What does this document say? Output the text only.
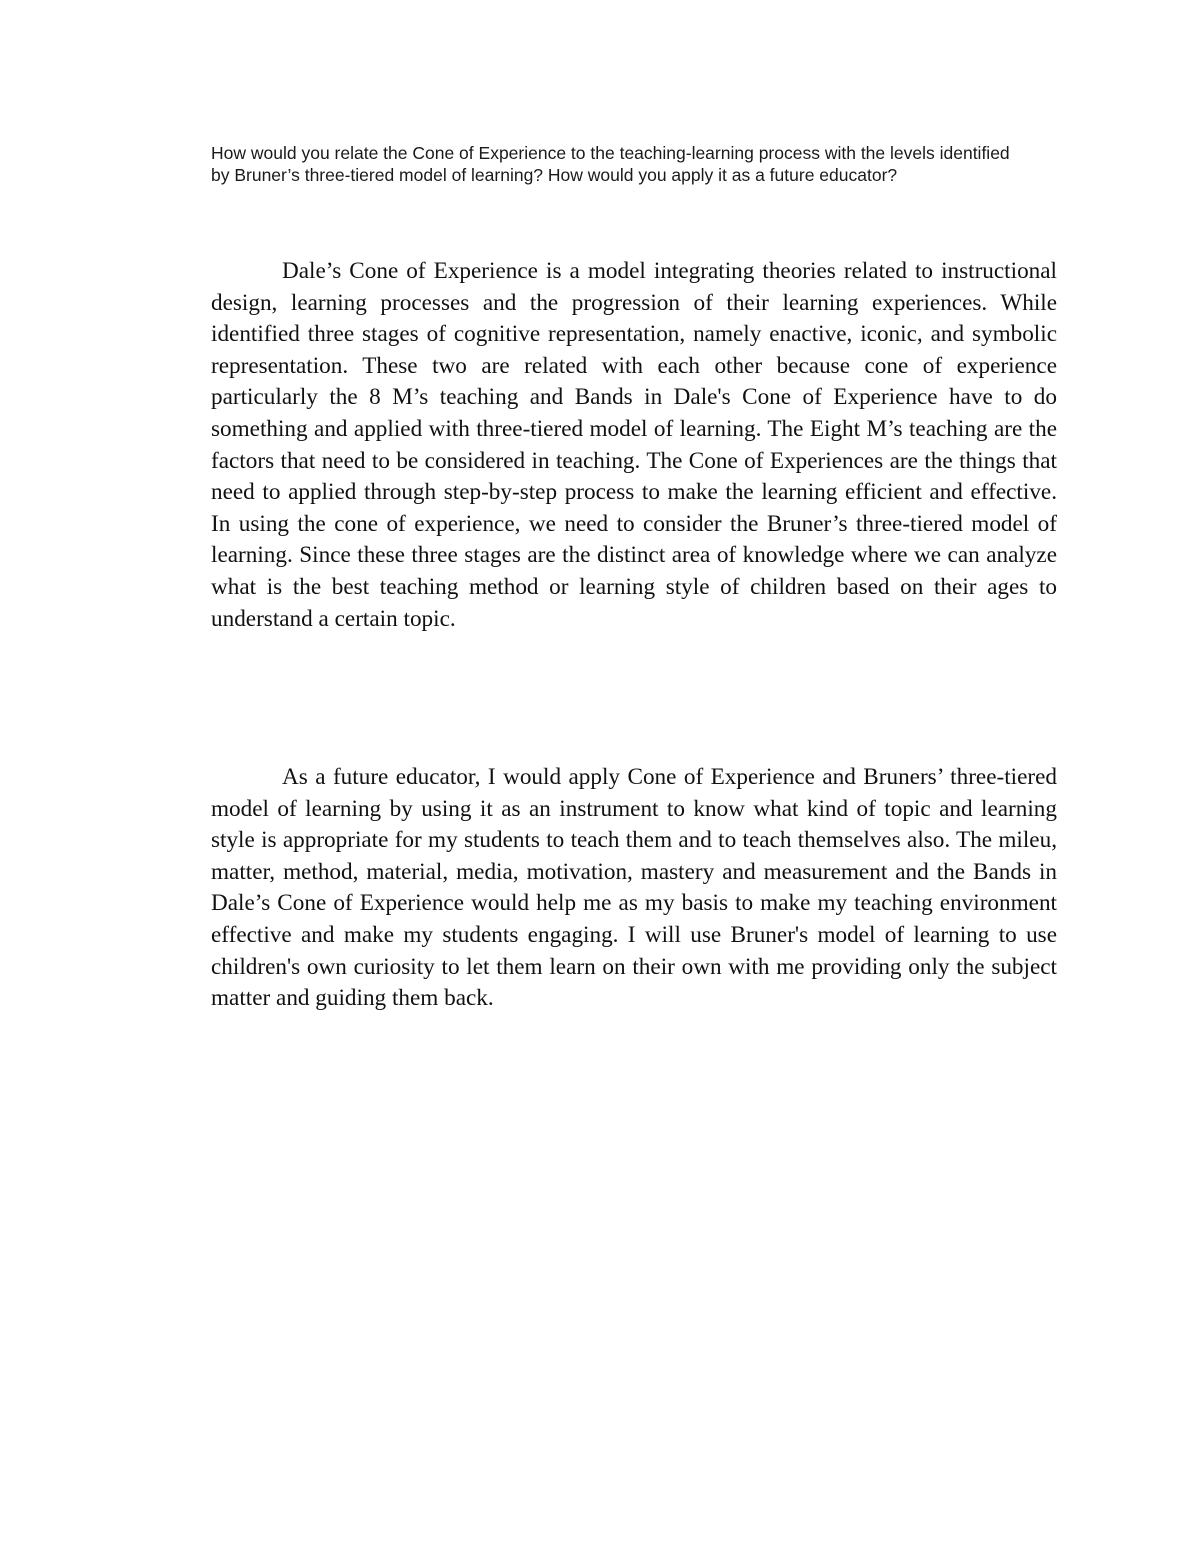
How would you relate the Cone of Experience to the teaching-learning process with the levels identified by Bruner’s three-tiered model of learning? How would you apply it as a future educator?

Dale’s Cone of Experience is a model integrating theories related to instructional design, learning processes and the progression of their learning experiences. While identified three stages of cognitive representation, namely enactive, iconic, and symbolic representation. These two are related with each other because cone of experience particularly the 8 M’s teaching and Bands in Dale's Cone of Experience have to do something and applied with three-tiered model of learning. The Eight M’s teaching are the factors that need to be considered in teaching. The Cone of Experiences are the things that need to applied through step-by-step process to make the learning efficient and effective. In using the cone of experience, we need to consider the Bruner’s three-tiered model of learning. Since these three stages are the distinct area of knowledge where we can analyze what is the best teaching method or learning style of children based on their ages to understand a certain topic.

As a future educator, I would apply Cone of Experience and Bruners’ three-tiered model of learning by using it as an instrument to know what kind of topic and learning style is appropriate for my students to teach them and to teach themselves also. The mileu, matter, method, material, media, motivation, mastery and measurement and the Bands in Dale’s Cone of Experience would help me as my basis to make my teaching environment effective and make my students engaging. I will use Bruner's model of learning to use children's own curiosity to let them learn on their own with me providing only the subject matter and guiding them back.
